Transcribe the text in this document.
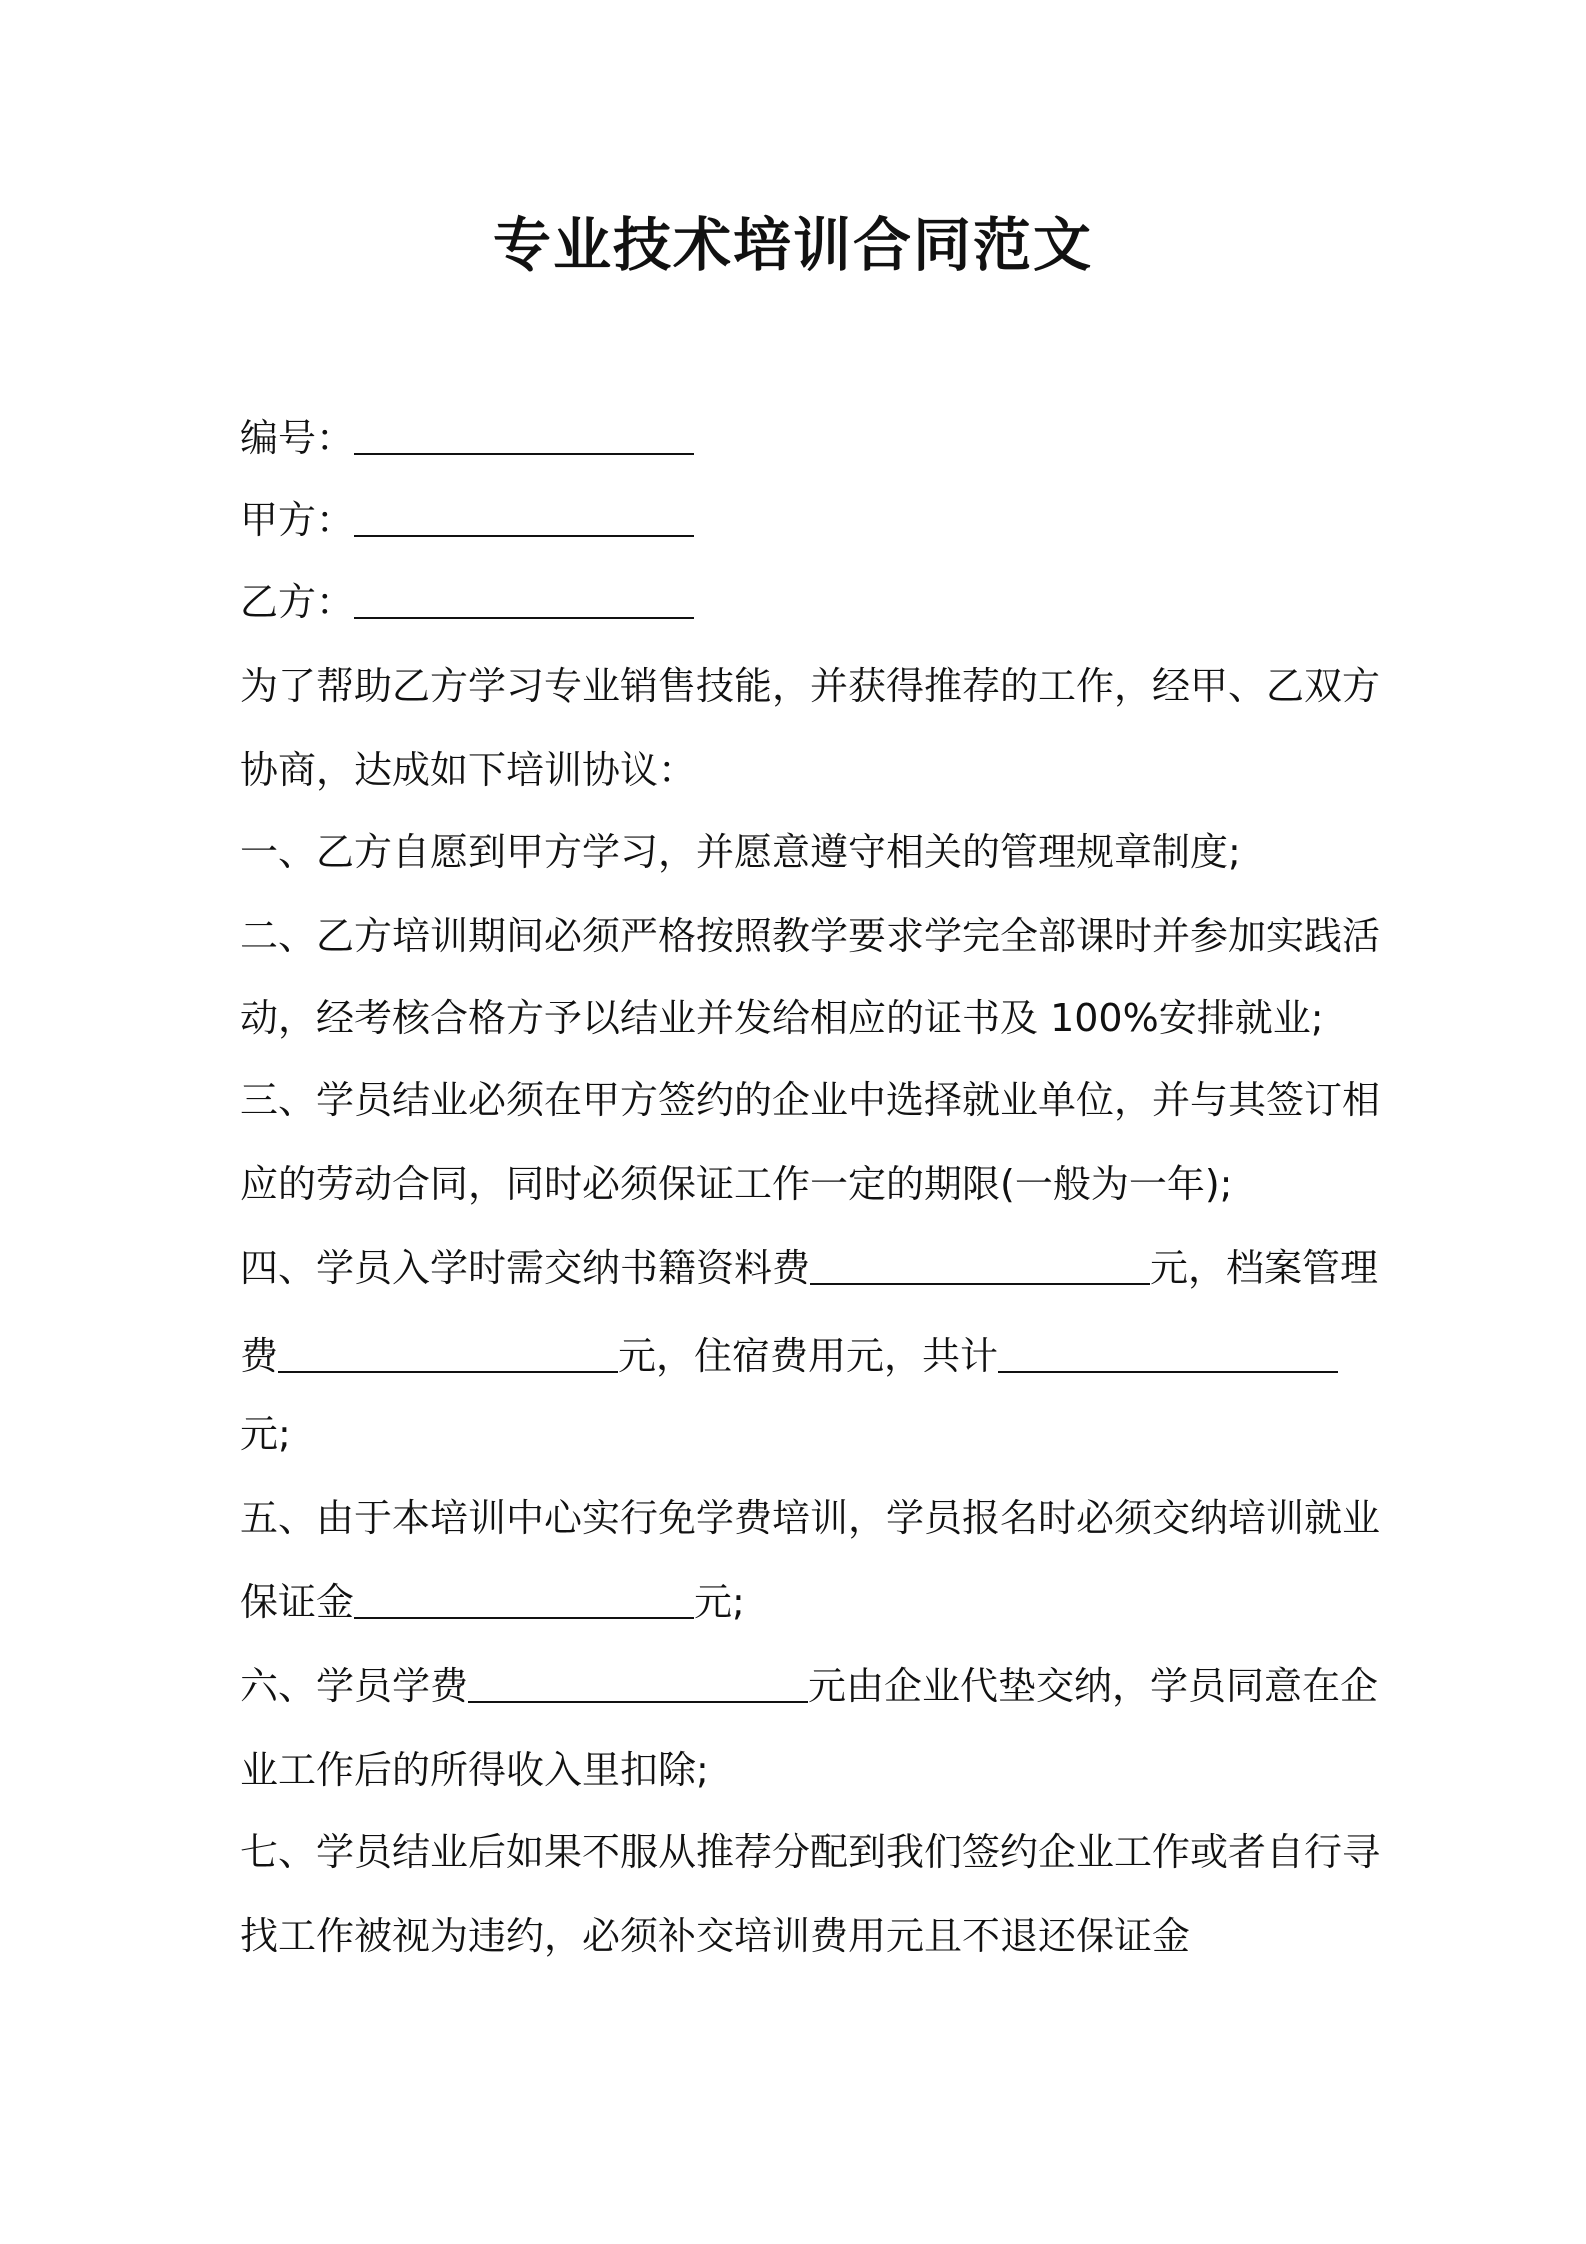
专业技术培训合同范文

编号：

甲方：

乙方：

为了帮助乙方学习专业销售技能，并获得推荐的工作，经甲、乙双方

协商，达成如下培训协议：

一、乙方自愿到甲方学习，并愿意遵守相关的管理规章制度;

二、乙方培训期间必须严格按照教学要求学完全部课时并参加实践活

动，经考核合格方予以结业并发给相应的证书及 100%安排就业;

三、学员结业必须在甲方签约的企业中选择就业单位，并与其签订相

应的劳动合同，同时必须保证工作一定的期限(一般为一年);

四、学员入学时需交纳书籍资料费	元，档案管理

费	元，住宿费用元，共计

元;

五、由于本培训中心实行免学费培训，学员报名时必须交纳培训就业

保证金	元;

六、学员学费	元由企业代垫交纳，学员同意在企

业工作后的所得收入里扣除;

七、学员结业后如果不服从推荐分配到我们签约企业工作或者自行寻

找工作被视为违约，必须补交培训费用元且不退还保证金
